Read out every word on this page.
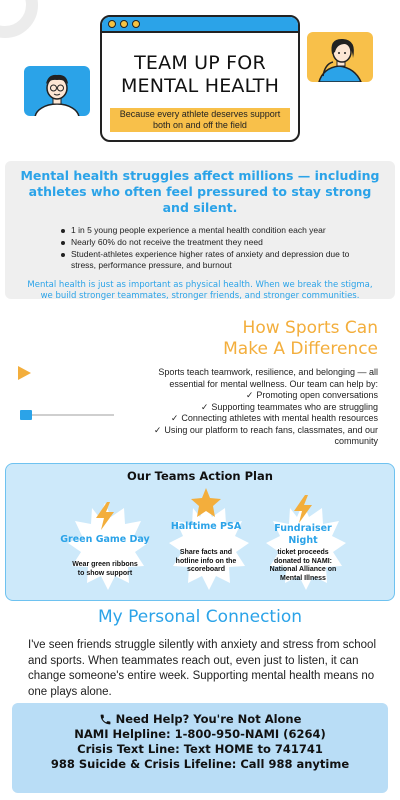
TEAM UP FOR
MENTAL HEALTH
Because every athlete deserves support both on and off the field
Mental health struggles affect millions — including athletes who often feel pressured to stay strong and silent.
1 in 5 young people experience a mental health condition each year
Nearly 60% do not receive the treatment they need
Student-athletes experience higher rates of anxiety and depression due to stress, performance pressure, and burnout
Mental health is just as important as physical health. When we break the stigma, we build stronger teammates, stronger friends, and stronger communities.
How Sports Can
Make A Difference
Sports teach teamwork, resilience, and belonging — all essential for mental wellness. Our team can help by:
✓ Promoting open conversations
✓ Supporting teammates who are struggling
✓ Connecting athletes with mental health resources
✓ Using our platform to reach fans, classmates, and our community
Our Teams Action Plan
Green Game Day
Wear green ribbons to show support
Halftime PSA
Share facts and hotline info on the scoreboard
Fundraiser Night
ticket proceeds donated to NAMI: National Alliance on Mental Illness
My Personal Connection

I've seen friends struggle silently with anxiety and stress from school and sports. When teammates reach out, even just to listen, it can change someone's entire week. Supporting mental health means no one plays alone.

Need Help? You're Not Alone
NAMI Helpline: 1-800-950-NAMI (6264)
Crisis Text Line: Text HOME to 741741
988 Suicide & Crisis Lifeline: Call 988 anytime
